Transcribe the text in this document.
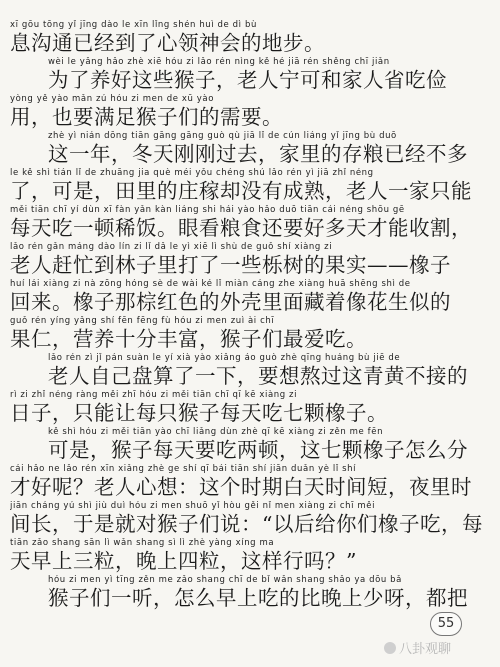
xī gōu tōng yǐ jīng dào le xīn lǐng shén huì de dì bù
息沟通已经到了心领神会的地步。
wèi le yǎng hǎo zhè xiē hóu zi lǎo rén nìng kě hé jiā rén shěng chī jiǎn
为了养好这些猴子，老人宁可和家人省吃俭
yòng yě yào mǎn zú hóu zi men de xū yào
用，也要满足猴子们的需要。
zhè yì nián dōng tiān gāng gāng guò qù jiā lǐ de cún liáng yǐ jīng bù duō
这一年，冬天刚刚过去，家里的存粮已经不多
le kě shì tián lǐ de zhuāng jia què méi yǒu chéng shú lǎo rén yì jiā zhǐ néng
了，可是，田里的庄稼却没有成熟，老人一家只能
měi tiān chī yí dùn xī fàn yǎn kàn liáng shi hái yào hǎo duō tiān cái néng shōu gē
每天吃一顿稀饭。眼看粮食还要好多天才能收割，
lǎo rén gǎn máng dào lín zi lǐ dǎ le yì xiē lì shù de guǒ shí xiàng zi
老人赶忙到林子里打了一些栎树的果实——橡子
huí lái xiàng zi nà zōng hóng sè de wài ké lǐ miàn cáng zhe xiàng huā shēng shì de
回来。橡子那棕红色的外壳里面藏着像花生似的
guǒ rén yíng yǎng shí fēn fēng fù hóu zi men zuì ài chī
果仁，营养十分丰富，猴子们最爱吃。
lǎo rén zì jǐ pán suàn le yí xià yào xiǎng áo guò zhè qīng huáng bù jiē de
老人自己盘算了一下，要想熬过这青黄不接的
rì zi zhǐ néng ràng měi zhī hóu zi měi tiān chī qī kē xiàng zi
日子，只能让每只猴子每天吃七颗橡子。
kě shì hóu zi měi tiān yào chī liǎng dùn zhè qī kē xiàng zi zěn me fēn
可是，猴子每天要吃两顿，这七颗橡子怎么分
cái hǎo ne lǎo rén xīn xiǎng zhè ge shí qī bái tiān shí jiān duǎn yè lǐ shí
才好呢？老人心想：这个时期白天时间短，夜里时
jiān cháng yú shì jiù duì hóu zi men shuō yǐ hòu gěi nǐ men xiàng zi chī měi
间长，于是就对猴子们说：“以后给你们橡子吃，每
tiān zǎo shang sān lì wǎn shang sì lì zhè yàng xíng ma
天早上三粒，晚上四粒，这样行吗？”
hóu zi men yì tīng zěn me zǎo shang chī de bǐ wǎn shang shǎo ya dōu bǎ
猴子们一听，怎么早上吃的比晚上少呀，都把
55
八卦观聊
